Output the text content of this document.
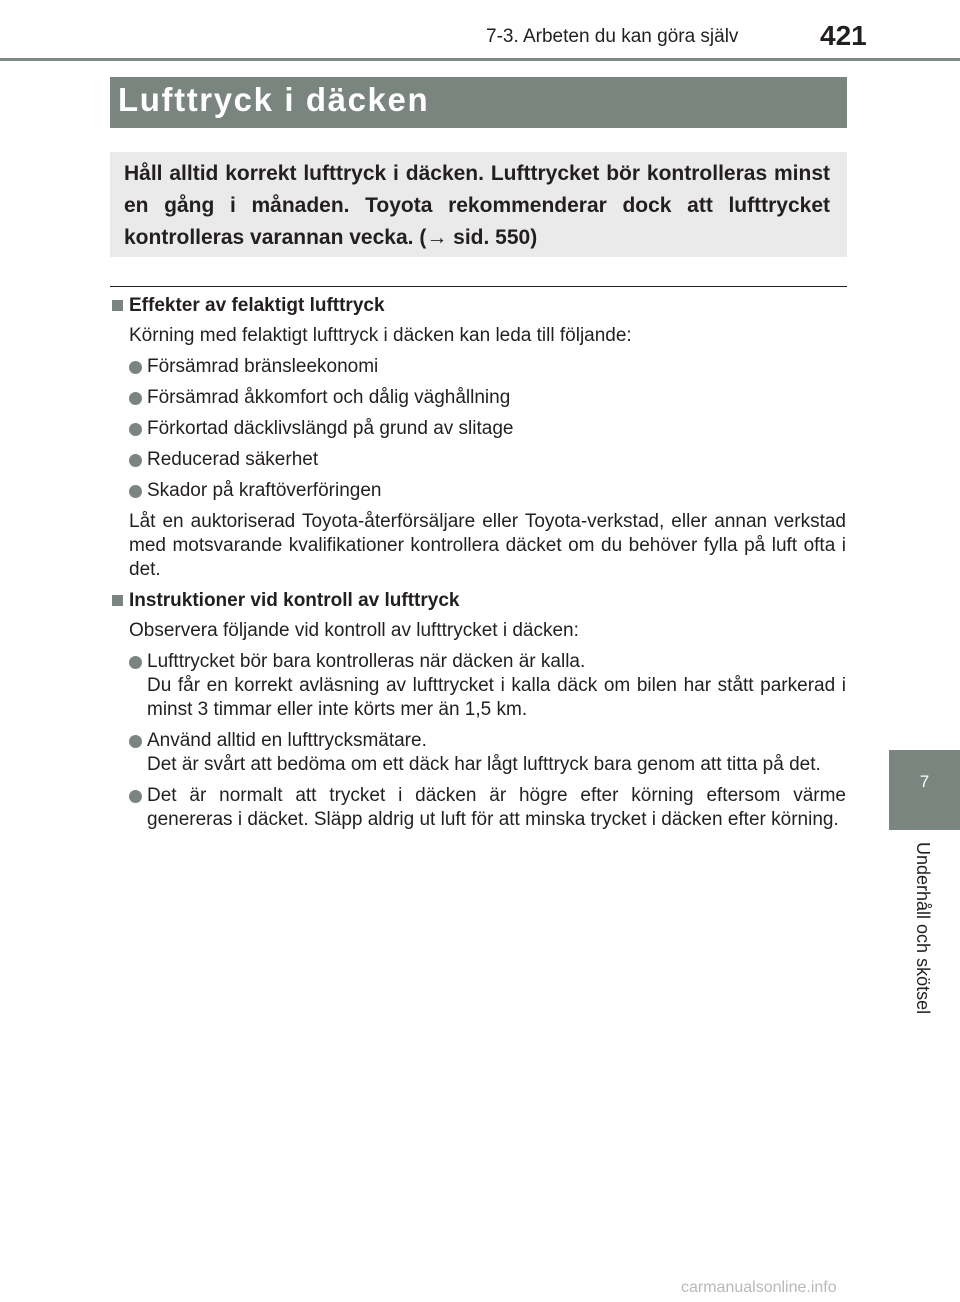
7-3. Arbeten du kan göra själv	421
Lufttryck i däcken
Håll alltid korrekt lufttryck i däcken. Lufttrycket bör kontrolleras minst en gång i månaden. Toyota rekommenderar dock att lufttrycket kontrolleras varannan vecka. (→ sid. 550)
Effekter av felaktigt lufttryck
Körning med felaktigt lufttryck i däcken kan leda till följande:
Försämrad bränsleekonomi
Försämrad åkkomfort och dålig väghållning
Förkortad däcklivslängd på grund av slitage
Reducerad säkerhet
Skador på kraftöverföringen
Låt en auktoriserad Toyota-återförsäljare eller Toyota-verkstad, eller annan verkstad med motsvarande kvalifikationer kontrollera däcket om du behöver fylla på luft ofta i det.
Instruktioner vid kontroll av lufttryck
Observera följande vid kontroll av lufttrycket i däcken:
Lufttrycket bör bara kontrolleras när däcken är kalla.
Du får en korrekt avläsning av lufttrycket i kalla däck om bilen har stått parkerad i minst 3 timmar eller inte körts mer än 1,5 km.
Använd alltid en lufttrycksmätare.
Det är svårt att bedöma om ett däck har lågt lufttryck bara genom att titta på det.
Det är normalt att trycket i däcken är högre efter körning eftersom värme genereras i däcket. Släpp aldrig ut luft för att minska trycket i däcken efter körning.
7
Underhåll och skötsel
carmanualsonline.info
